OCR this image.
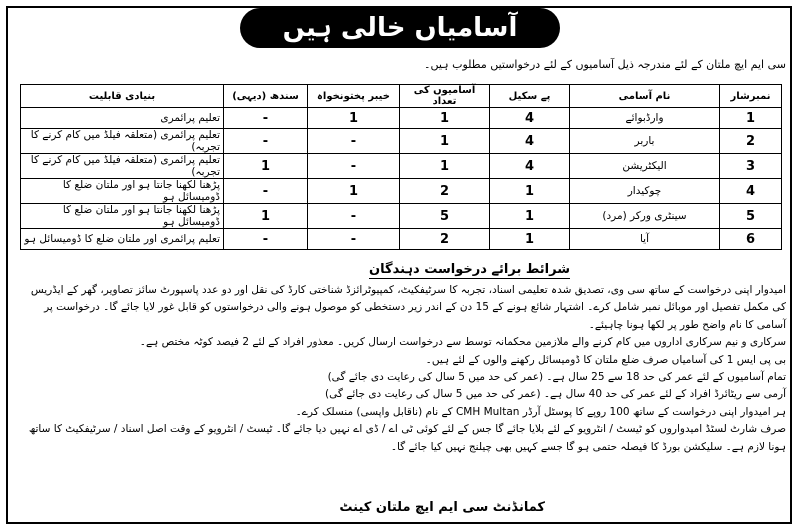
آسامیاں خالی ہیں
سی ایم ایچ ملتان کے لئے مندرجہ ذیل آسامیوں کے لئے درخواستیں مطلوب ہیں۔
نمبرشار	نام آسامی	پے سکیل	آسامیوں کی تعداد	خیبر پختونخواہ	سندھ (دیہی)	بنیادی قابلیت
1	وارڈبوائے	4	1	1	-	تعلیم پرائمری
2	باربر	4	1	-	-	تعلیم پرائمری (متعلقہ فیلڈ میں کام کرنے کا تجربہ)
3	الیکٹریشن	4	1	-	1	تعلیم پرائمری (متعلقہ فیلڈ میں کام کرنے کا تجربہ)
4	چوکیدار	1	2	1	-	پڑھنا لکھنا جانتا ہو اور ملتان ضلع کا ڈومیسائل ہو
5	سینٹری ورکر (مرد)	1	5	-	1	پڑھنا لکھنا جانتا ہو اور ملتان ضلع کا ڈومیسائل ہو
6	آیا	1	2	-	-	تعلیم پرائمری اور ملتان ضلع کا ڈومیسائل ہو
شرائط برائے درخواست دہندگان

امیدوار اپنی درخواست کے ساتھ سی وی، تصدیق شدہ تعلیمی اسناد، تجربہ کا سرٹیفکیٹ، کمپیوٹرائزڈ شناختی کارڈ کی نقل اور دو عدد پاسپورٹ سائز تصاویر، گھر کے ایڈریس کی مکمل تفصیل اور موبائل نمبر شامل کرے۔ اشتہار شائع ہونے کے 15 دن کے اندر زیر دستخطی کو موصول ہونے والی درخواستوں کو قابل غور لایا جائے گا۔ درخواست پر آسامی کا نام واضح طور پر لکھا ہونا چاہیئے۔

سرکاری و نیم سرکاری اداروں میں کام کرنے والے ملازمین محکمانہ توسط سے درخواست ارسال کریں۔ معذور افراد کے لئے 2 فیصد کوٹہ مختص ہے۔

بی پی ایس 1 کی آسامیاں صرف ضلع ملتان کا ڈومیسائل رکھنے والوں کے لئے ہیں۔

تمام آسامیوں کے لئے عمر کی حد 18 سے 25 سال ہے۔ (عمر کی حد میں 5 سال کی رعایت دی جائے گی)

آرمی سے ریٹائرڈ افراد کے لئے عمر کی حد 40 سال ہے۔ (عمر کی حد میں 5 سال کی رعایت دی جائے گی)

ہر امیدوار اپنی درخواست کے ساتھ 100 روپے کا پوسٹل آرڈر CMH Multan کے نام (ناقابل واپسی) منسلک کرے۔

صرف شارٹ لسٹڈ امیدواروں کو ٹیسٹ / انٹرویو کے لئے بلایا جائے گا جس کے لئے کوئی ٹی اے / ڈی اے نہیں دیا جائے گا۔ ٹیسٹ / انٹرویو کے وقت اصل اسناد / سرٹیفکیٹ کا ساتھ ہونا لازم ہے۔ سلیکشن بورڈ کا فیصلہ حتمی ہو گا جسے کہیں بھی چیلنج نہیں کیا جائے گا۔

کمانڈنٹ سی ایم ایچ ملتان کینٹ
